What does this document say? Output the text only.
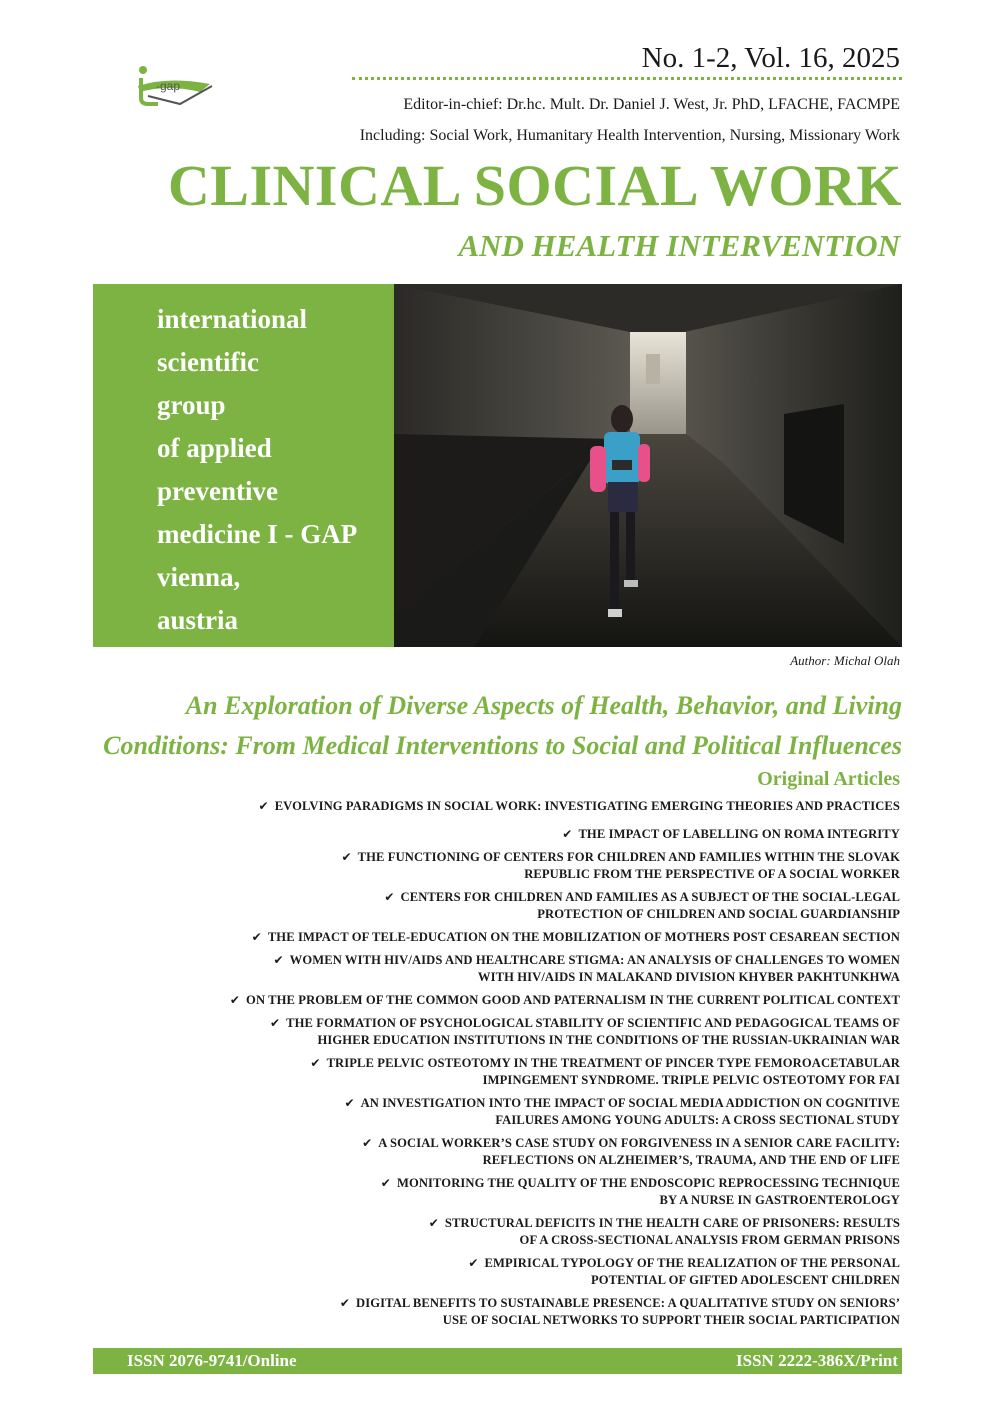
-gap
No. 1-2, Vol. 16, 2025
Editor-in-chief: Dr.hc. Mult. Dr. Daniel J. West, Jr. PhD, LFACHE, FACMPE
Including: Social Work, Humanitary Health Intervention, Nursing, Missionary Work
CLINICAL SOCIAL WORK
AND HEALTH INTERVENTION
international
scientific
group
of applied
preventive
medicine I - GAP
vienna,
austria
Author: Michal Olah
An Exploration of Diverse Aspects of Health, Behavior, and Living Conditions: From Medical Interventions to Social and Political Influences
Original Articles
✔ EVOLVING PARADIGMS IN SOCIAL WORK: INVESTIGATING EMERGING THEORIES AND PRACTICES
✔ THE IMPACT OF LABELLING ON ROMA INTEGRITY
✔ THE FUNCTIONING OF CENTERS FOR CHILDREN AND FAMILIES WITHIN THE SLOVAK
REPUBLIC FROM THE PERSPECTIVE OF A SOCIAL WORKER
✔ CENTERS FOR CHILDREN AND FAMILIES AS A SUBJECT OF THE SOCIAL-LEGAL
PROTECTION OF CHILDREN AND SOCIAL GUARDIANSHIP
✔ THE IMPACT OF TELE-EDUCATION ON THE MOBILIZATION OF MOTHERS POST CESAREAN SECTION
✔ WOMEN WITH HIV/AIDS AND HEALTHCARE STIGMA: AN ANALYSIS OF CHALLENGES TO WOMEN
WITH HIV/AIDS IN MALAKAND DIVISION KHYBER PAKHTUNKHWA
✔ ON THE PROBLEM OF THE COMMON GOOD AND PATERNALISM IN THE CURRENT POLITICAL CONTEXT
✔ THE FORMATION OF PSYCHOLOGICAL STABILITY OF SCIENTIFIC AND PEDAGOGICAL TEAMS OF
HIGHER EDUCATION INSTITUTIONS IN THE CONDITIONS OF THE RUSSIAN-UKRAINIAN WAR
✔ TRIPLE PELVIC OSTEOTOMY IN THE TREATMENT OF PINCER TYPE FEMOROACETABULAR
IMPINGEMENT SYNDROME. TRIPLE PELVIC OSTEOTOMY FOR FAI
✔ AN INVESTIGATION INTO THE IMPACT OF SOCIAL MEDIA ADDICTION ON COGNITIVE
FAILURES AMONG YOUNG ADULTS: A CROSS SECTIONAL STUDY
✔ A SOCIAL WORKER’S CASE STUDY ON FORGIVENESS IN A SENIOR CARE FACILITY:
REFLECTIONS ON ALZHEIMER’S, TRAUMA, AND THE END OF LIFE
✔ MONITORING THE QUALITY OF THE ENDOSCOPIC REPROCESSING TECHNIQUE
BY A NURSE IN GASTROENTEROLOGY
✔ STRUCTURAL DEFICITS IN THE HEALTH CARE OF PRISONERS: RESULTS
OF A CROSS-SECTIONAL ANALYSIS FROM GERMAN PRISONS
✔ EMPIRICAL TYPOLOGY OF THE REALIZATION OF THE PERSONAL
POTENTIAL OF GIFTED ADOLESCENT CHILDREN
✔ DIGITAL BENEFITS TO SUSTAINABLE PRESENCE: A QUALITATIVE STUDY ON SENIORS’
USE OF SOCIAL NETWORKS TO SUPPORT THEIR SOCIAL PARTICIPATION
ISSN 2076-9741/Online	ISSN 2222-386X/Print
